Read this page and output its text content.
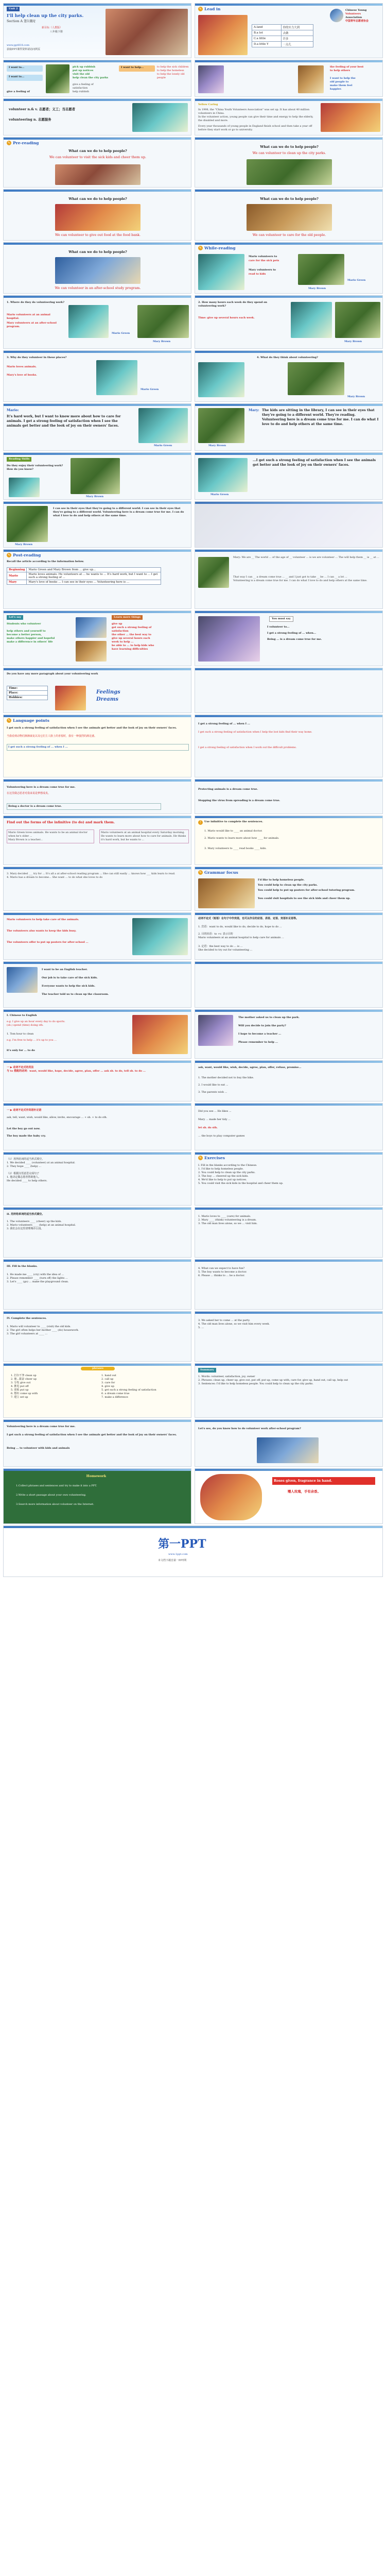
Unit 2
I'll help clean up the city parks.
Section A 第1课时
新目标（人教版）
八年级下册
www.ppt818.com
获取PPT课件资料请访问网页
✎ Lead in	Chinese Young Volunteers
Association
中国青年志愿者协会
A.land	你的实力大到
B.a lot	去做
C.a little	许多
D.a little Y	一点儿
I want to...
I want to...
give a feeling of
pick up rubbish
put up notices
visit the old
help clean the city parks
give a feeling of
satisfaction
help rubbish
I want to help...	to help the sick children
to help the homeless
to help the lonely old people
the feeling of your best
to help others
I want to help the
old people to
make them feel
happier.
volunteer n.& v. 志愿者；义工；当志愿者
volunteering n. 志愿服务
Yellow Caring
In 1998, the "China Youth Volunteers Association" was set up. It has about 40 million volunteers in China.
In the volunteer action, young people can give their time and energy to help the elderly, the disabled and more.
Every year thousands of young people in England finish school and then take a year off before they start work or go to university.
✎ Pre-reading
What can we do to help people?
We can volunteer to visit the sick kids and cheer them up.
What can we do to help people?
We can volunteer to clean up the city parks.
What can we do to help people?
We can volunteer to give out food at the food bank.
What can we do to help people?
We can volunteer to care for the old people.
What can we do to help people?
We can volunteer in an after-school study program.
✎ While-reading
Mario volunteers to
care for the sick pets
Mary volunteers to
read to kids
Mario Green
Mary Brown
1. Where do they do volunteering work?
Mario volunteers at an animal hospital.
Mary volunteers at an after-school program.
Mario Green
Mary Brown
2. How many hours each week do they spend on volunteering work?
Time: give up several hours each week.
Mary Brown
3. Why do they volunteer in these places?
Mario loves animals.
Mary's love of books.
Mario Green
4. What do they think about volunteering?
Mary Brown
Mario:
It's hard work, but I want to know more about how to care for animals. I get a strong feeling of satisfaction when I see the animals get better and the look of joy on their owners' faces.
Mario Green	Mary Brown
Mary: The kids are sitting in the library, I can see in their eyes that they're going to a different world. They're reading. Volunteering here is a dream come true for me. I can do what I love to do and help others at the same time.
Reading Skills
Do they enjoy their volunteering work?
How do you know?
Mary Brown
Mario Green
...I get such a strong feeling of satisfaction when I see the animals get better and the look of joy on their owners' faces.
Mary Brown
I can see in their eyes that they're going to a different world. I can see in their eyes that they're going to a different world. Volunteering here is a dream come true for me. I can do what I love to do and help others at the same time.
✎ Post-reading
Recall the article according to the information below.
Beginning	Mario Green and Mary Brown from ... give up...
Mario	Mario loves animals. He volunteers at ... he wants to ... It's hard work, but I want to ... I get such a strong feeling of ...
Mary	Mary's love of books ... I can see in their eyes ... Volunteering here is ...
Mary: We are __ The world ... of the age of __ volunteer ... is we are volunteer ... The will help them __ is __ at ...
That way I can __ a dream come true ... __ and I just got to take __ be ... I can __ a lot ...
Volunteering is a dream come true for me. I can do what I love to do and help others at the same time.
Let's say
Students who volunteer

help others and yourself to
become a better person,
make others happier and hopeful
make a difference in others' life
Learn more things
give up
get such a strong feeling of
satisfaction
the other ... the best way to
give up several hours each
week to help ...
be able to ... to help kids who
have learning difficulties
You must say
I volunteer to...
I get a strong feeling of ... when...
Being ... is a dream come true for me.
Do you have any more paragraph about your volunteering work
Time:
Place:
Hobbies:
Feelings
Dreams
✎ Language points
I get such a strong feeling of satisfaction when I see the animals get better and the look of joy on their owners' faces.
当我看到动物们渐渐康复以及它们主人脸上的喜悦时，我有一种强烈的满足感。
I get such a strong feeling of ... when I ...
I get a strong feeling of ... when I ...
I get such a strong feeling of satisfaction when I help the lost kids find their way home.
I get a strong feeling of satisfaction when I work out the difficult problems.
Volunteering here is a dream come true for me.
在这里做志愿者对我来说是梦想成真。
Being a doctor is a dream come true.
Protecting animals is a dream come true.
Stopping the virus from spreading is a dream come true.
Find out the forms of the infinitive (to do) and mark them.
Mario Green loves animals. He wants to be an animal doctor when he's older ...
Mary Brown is a teacher...
Mario volunteers at an animal hospital every Saturday morning. He wants to learn more about how to care for animals. He thinks it's hard work, but he wants to ...
!	Use infinitive to complete the sentences.
1. Mario would like to ____ an animal doctor.
2. Mario wants to learn more about how ____ for animals.
3. Mary volunteers to ____ read books ____ kids.
3. Mary decided ___ try for ... It's all a at after-school reading program ... She can still easily ... knows how ___ kids learn to read.
4. Mario has a dream to become... She want ... to do what she loves to do
✎ Grammar focus
I'd like to help homeless people.
You could help to clean up the city parks.
You could help to put up posters for after-school tutoring program.
You could visit hospitals to see the sick kids and cheer them up.
Mario volunteers to help take care of the animals.
The volunteers also wants to keep the kids busy.
The volunteers offer to put up posters for after-school ...
动词不定式（短语）在句子中作宾语，也可以作目的状语、表语、定语、宾语补足语等。
1. 宾语：want to do, would like to do, decide to do, hope to do ...
2. 目的状语：to +v. 表示目的
Mario volunteers at an animal hospital to help care for animals ...
3. 定语：the best way to do ... is ...
She decided to try out for volunteering ...
I want to be an English teacher.
Our job is to take care of the sick kids.
Everyone wants to help the sick kids.
The teacher told us to clean up the classroom.
I. Chinese to English
e.g. I give up an hour every day to do sports.
(sb.) spend (time) doing sth.
1. Tom hour to clean
e.g. I'm free to help ... it's up to you ...
it's only for ... to do
The mother asked us to clean up the park.
Will you decide to join the party?
I hope to become a teacher ...
Please remember to help ...
一 ▶ 动词不定式的用法
与 to 搭配的动词：want, would like, hope, decide, agree, plan, offer ... ask sb. to do, tell sb. to do ...
ask, want, would like, wish, decide, agree, plan, offer, refuse, promise...
1. The mother decided not to buy the bike.
2. I would like to eat ...
3. The parents wish ...
一 ▶ 动词不定式作宾语补足语
ask, tell, want, wish, would like, allow, invite, encourage ... + sb. + to do sth.
Let the boy go out now.
The boy made the baby cry.
Did you see ... He likes ...
Mary ... made her tidy ...
let sb. do sth.
... the boys to play computer games
（1）用所给词的适当形式填空。
1. We decided ____ (volunteer) at an animal hospital.
2. They hope ____ (help) ...

（2）根据汉语意思完成句子
1. 他决定做志愿者帮助他人。
He decided ____ to help others.
✎ Exercises
I. Fill in the blanks according to the Chinese.
1. I'd like to help homeless people.
2. You could help to clean up the city parks.
3. The boy ... cheered up the sick kids.
4. We'd like to help to put up notices.
5. You could visit the sick kids in the hospital and cheer them up.
II. 用所给单词的适当形式填空。
1. The volunteers ____ (cheer) up the kids.
2. Mario volunteers ____ (help) at an animal hospital.
3. 我们会在这里清理城市公园。
1. Mario loves to ____ (care) for animals.
2. Mary ____ (think) volunteering is a dream.
3. The old man lives alone, so we ... visit him.
III. Fill in the blanks.
1. He made me ____ (cry) with the idea of ...
2. Please remember ____ (turn off) the lights ...
3. Let's ____ (go) ... make the playground clean.
4. What can we expect to have fun?
5. The boy wants to become a doctor.
6. Please ... thinks to ... be a doctor.
IV. Complete the sentences.
1. Mario will volunteer to ____ (visit) the old kids.
2. The girl often helps her mother ____ (do) housework.
3. The girl volunteers at ____ ...
3. We asked her to come ... at the party.
4. The old man lives alone, so we visit him every week.
5. ...
phrases
1. 打扫干净 clean up
2. 使...振奋 cheer up
3. 分发 give out
4. 推迟 put off
5. 张贴 put up
6. 想出 come up with
7. 建立 set up
1. hand out
2. call up
3. care for
4. give up
5. get such a strong feeling of satisfaction
6. a dream come true
7. make a difference
Summary
1. Words: volunteer, satisfaction, joy, owner
2. Phrases: clean up, cheer up, give out, put off, put up, come up with, care for, give up, hand out, call up, help out
3. Sentences: I'd like to help homeless people. You could help to clean up the city parks.
Volunteering here is a dream come true for me.
I get such a strong feeling of satisfaction when I see the animals get better and the look of joy on their owners' faces.
Being ... to volunteer with kids and animals
Let's see, do you know how to do volunteer work after-school program?
Homework
1.Collect phrases and sentences and try to make it into a PPT.
2.Write a short passage about your own volunteering.
3.Search more information about volunteer on the Internet.
Roses given, fragrance in hand.
赠人玫瑰，手有余香。
第一PPT
www.1ppt.com
本文档下载自第一PPT网
